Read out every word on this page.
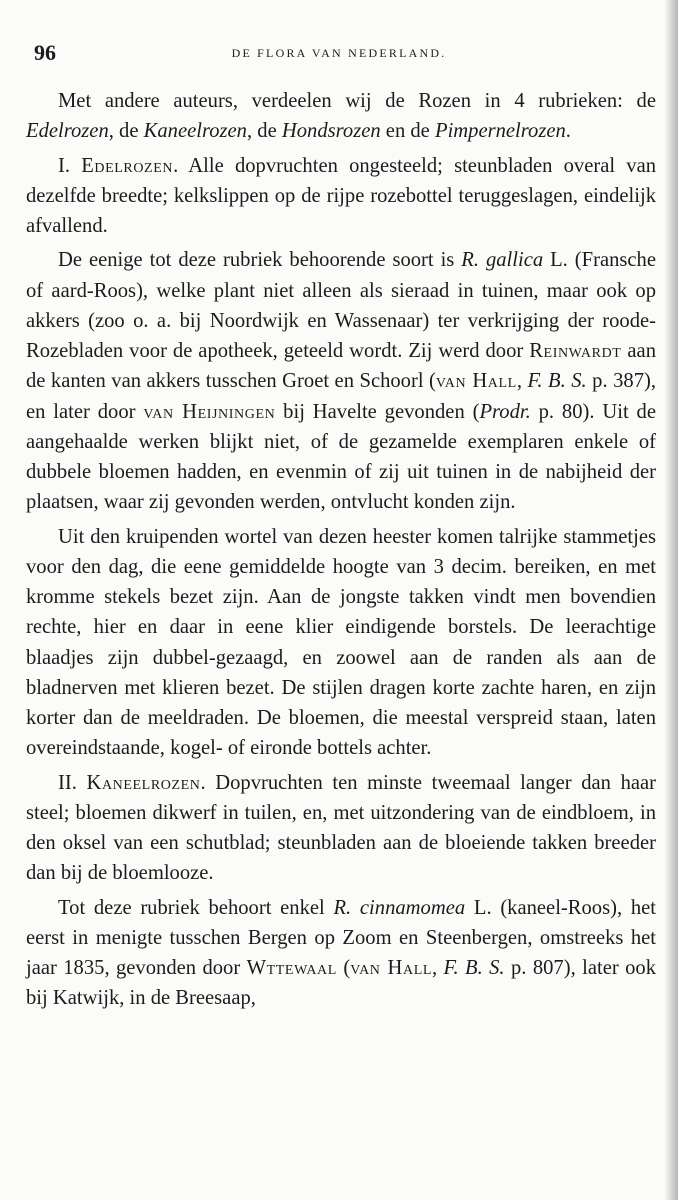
96	DE FLORA VAN NEDERLAND.

Met andere auteurs, verdeelen wij de Rozen in 4 rubrieken: de Edelrozen, de Kaneelrozen, de Hondsrozen en de Pimpernelrozen.

I. Edelrozen. Alle dopvruchten ongesteeld; steunbladen overal van dezelfde breedte; kelkslippen op de rijpe rozebottel teruggeslagen, eindelijk afvallend.

De eenige tot deze rubriek behoorende soort is R. gallica L. (Fransche of aard-Roos), welke plant niet alleen als sieraad in tuinen, maar ook op akkers (zoo o. a. bij Noordwijk en Wassenaar) ter verkrijging der roode-Rozebladen voor de apotheek, geteeld wordt. Zij werd door Reinwardt aan de kanten van akkers tusschen Groet en Schoorl (van Hall, F. B. S. p. 387), en later door van Heijningen bij Havelte gevonden (Prodr. p. 80). Uit de aangehaalde werken blijkt niet, of de gezamelde exemplaren enkele of dubbele bloemen hadden, en evenmin of zij uit tuinen in de nabijheid der plaatsen, waar zij gevonden werden, ontvlucht konden zijn.

Uit den kruipenden wortel van dezen heester komen talrijke stammetjes voor den dag, die eene gemiddelde hoogte van 3 decim. bereiken, en met kromme stekels bezet zijn. Aan de jongste takken vindt men bovendien rechte, hier en daar in eene klier eindigende borstels. De leerachtige blaadjes zijn dubbel-gezaagd, en zoowel aan de randen als aan de bladnerven met klieren bezet. De stijlen dragen korte zachte haren, en zijn korter dan de meeldraden. De bloemen, die meestal verspreid staan, laten overeindstaande, kogel- of eironde bottels achter.

II. Kaneelrozen. Dopvruchten ten minste tweemaal langer dan haar steel; bloemen dikwerf in tuilen, en, met uitzondering van de eindbloem, in den oksel van een schutblad; steunbladen aan de bloeiende takken breeder dan bij de bloemlooze.

Tot deze rubriek behoort enkel R. cinnamomea L. (kaneel-Roos), het eerst in menigte tusschen Bergen op Zoom en Steenbergen, omstreeks het jaar 1835, gevonden door Wttewaal (van Hall, F. B. S. p. 807), later ook bij Katwijk, in de Breesaap,
